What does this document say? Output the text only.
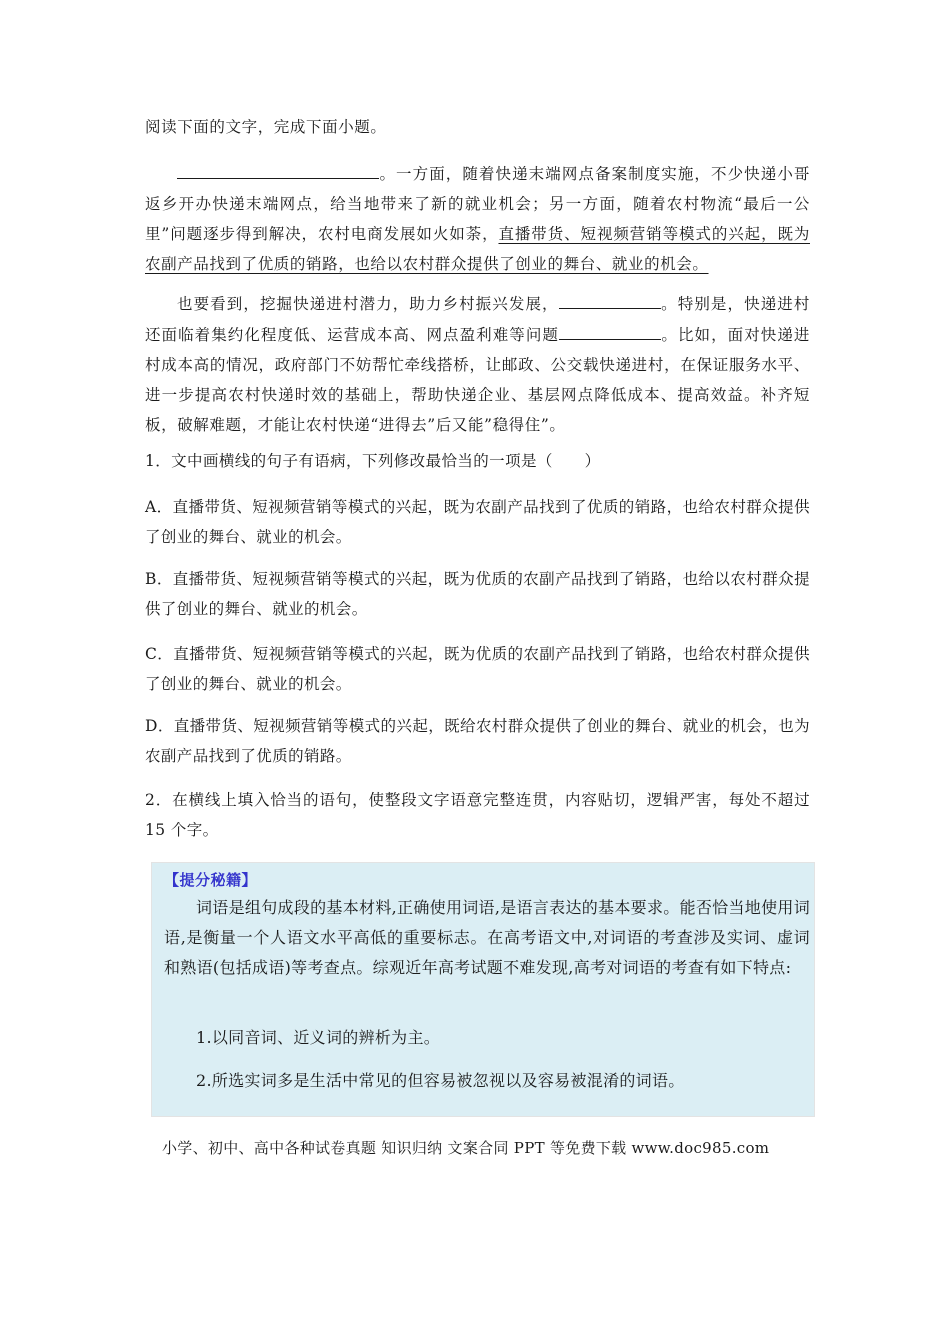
阅读下面的文字，完成下面小题。
。一方面，随着快递末端网点备案制度实施，不少快递小哥返乡开办快递末端网点，给当地带来了新的就业机会；另一方面，随着农村物流“最后一公里”问题逐步得到解决，农村电商发展如火如荼，直播带货、短视频营销等模式的兴起，既为农副产品找到了优质的销路，也给以农村群众提供了创业的舞台、就业的机会。
也要看到，挖掘快递进村潜力，助力乡村振兴发展，	。特别是，快递进村还面临着集约化程度低、运营成本高、网点盈利难等问题	。比如，面对快递进村成本高的情况，政府部门不妨帮忙牵线搭桥，让邮政、公交载快递进村，在保证服务水平、进一步提高农村快递时效的基础上，帮助快递企业、基层网点降低成本、提高效益。补齐短板，破解难题，才能让农村快递“进得去”后又能”稳得住”。
1．文中画横线的句子有语病，下列修改最恰当的一项是（　　）
A．直播带货、短视频营销等模式的兴起，既为农副产品找到了优质的销路，也给农村群众提供了创业的舞台、就业的机会。
B．直播带货、短视频营销等模式的兴起，既为优质的农副产品找到了销路，也给以农村群众提供了创业的舞台、就业的机会。
C．直播带货、短视频营销等模式的兴起，既为优质的农副产品找到了销路，也给农村群众提供了创业的舞台、就业的机会。
D．直播带货、短视频营销等模式的兴起，既给农村群众提供了创业的舞台、就业的机会，也为农副产品找到了优质的销路。
2．在横线上填入恰当的语句，使整段文字语意完整连贯，内容贴切，逻辑严害，每处不超过 15 个字。
【提分秘籍】
词语是组句成段的基本材料,正确使用词语,是语言表达的基本要求。能否恰当地使用词语,是衡量一个人语文水平高低的重要标志。在高考语文中,对词语的考查涉及实词、虚词和熟语(包括成语)等考查点。综观近年高考试题不难发现,高考对词语的考查有如下特点:
1.以同音词、近义词的辨析为主。
2.所选实词多是生活中常见的但容易被忽视以及容易被混淆的词语。
小学、初中、高中各种试卷真题 知识归纳 文案合同 PPT 等免费下载 www.doc985.com
